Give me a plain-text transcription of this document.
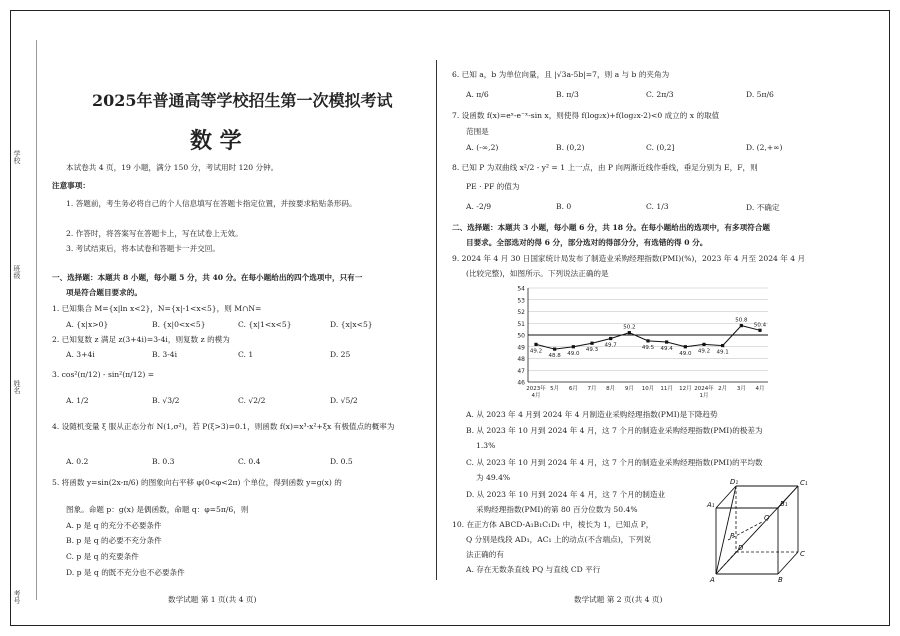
学校
班级
姓名
考号
2025年普通高等学校招生第一次模拟考试
数 学
本试卷共 4 页，19 小题，满分 150 分，考试用时 120 分钟。
注意事项：
1. 答题前，考生务必将自己的个人信息填写在答题卡指定位置，并按要求粘贴条形码。
2. 作答时，将答案写在答题卡上，写在试卷上无效。
3. 考试结束后，将本试卷和答题卡一并交回。
一、选择题：本题共 8 小题，每小题 5 分，共 40 分。在每小题给出的四个选项中，只有一
项是符合题目要求的。
1. 已知集合 M={x|ln x<2}，N={x|-1<x<5}，则 M∩N=
A. {x|x>0}	B. {x|0<x<5}	C. {x|1<x<5}	D. {x|x<5}
2. 已知复数 z 满足 z(3+4i)=3-4i，则复数 z 的模为
A. 3+4i	B. 3-4i	C. 1	D. 25
3. cos²(π/12) - sin²(π/12) =
A. 1/2	B. √3/2	C. √2/2	D. √5/2
4. 设随机变量 ξ 服从正态分布 N(1,σ²)，若 P(ξ>3)=0.1，则函数 f(x)=x³-x²+ξx 有极值点的概率为
A. 0.2	B. 0.3	C. 0.4	D. 0.5
5. 将函数 y=sin(2x-π/6) 的图象向右平移 φ(0<φ<2π) 个单位，得到函数 y=g(x) 的
图象。命题 p：g(x) 是偶函数，命题 q：φ=5π/6，则
A. p 是 q 的充分不必要条件
B. p 是 q 的必要不充分条件
C. p 是 q 的充要条件
D. p 是 q 的既不充分也不必要条件
数学试题 第 1 页(共 4 页)
6. 已知 a，b 为单位向量，且 |√3a-5b|=7，则 a 与 b 的夹角为
A. π/6	B. π/3	C. 2π/3	D. 5π/6
7. 设函数 f(x)=eˣ-e⁻ˣ-sin x，则使得 f(log₂x)+f(log₂x-2)<0 成立的 x 的取值
范围是
A. (-∞,2)	B. (0,2)	C. (0,2]	D. (2,+∞)
8. 已知 P 为双曲线 x²/2 - y² = 1 上一点，由 P 向两渐近线作垂线，垂足分别为 E，F，则
PE · PF 的值为
A. -2/9	B. 0	C. 1/3	D. 不确定
二、选择题：本题共 3 小题，每小题 6 分，共 18 分。在每小题给出的选项中，有多项符合题
目要求。全部选对的得 6 分，部分选对的得部分分，有选错的得 0 分。
9. 2024 年 4 月 30 日国家统计局发布了制造业采购经理指数(PMI)(%)，2023 年 4 月至 2024 年 4 月
(比较完整)，如图所示。下列说法正确的是
49.2
48.8 49.0
49.3
49.7
50.2
49.5 49.4
49.0 49.2 49.1
50.8
50.4
2023年
4月
5月 6月 7月 8月 9月 10月 11月 12月 2024年
1月
2月 3月 4月
46
47
48
49
50
51
52
53
54
A. 从 2023 年 4 月到 2024 年 4 月制造业采购经理指数(PMI)是下降趋势
B. 从 2023 年 10 月到 2024 年 4 月，这 7 个月的制造业采购经理指数(PMI)的极差为
1.3%
C. 从 2023 年 10 月到 2024 年 4 月，这 7 个月的制造业采购经理指数(PMI)的平均数
为 49.4%
D. 从 2023 年 10 月到 2024 年 4 月，这 7 个月的制造业
采购经理指数(PMI)的第 80 百分位数为 50.4%
10. 在正方体 ABCD-A₁B₁C₁D₁ 中，棱长为 1，已知点 P，
Q 分别是线段 AD₁，AC₁ 上的动点(不含端点)，下列说
法正确的有
A. 存在无数条直线 PQ 与直线 CD 平行
D₁	C₁
A₁	B₁
D
C
A	B
P
Q
数学试题 第 2 页(共 4 页)
